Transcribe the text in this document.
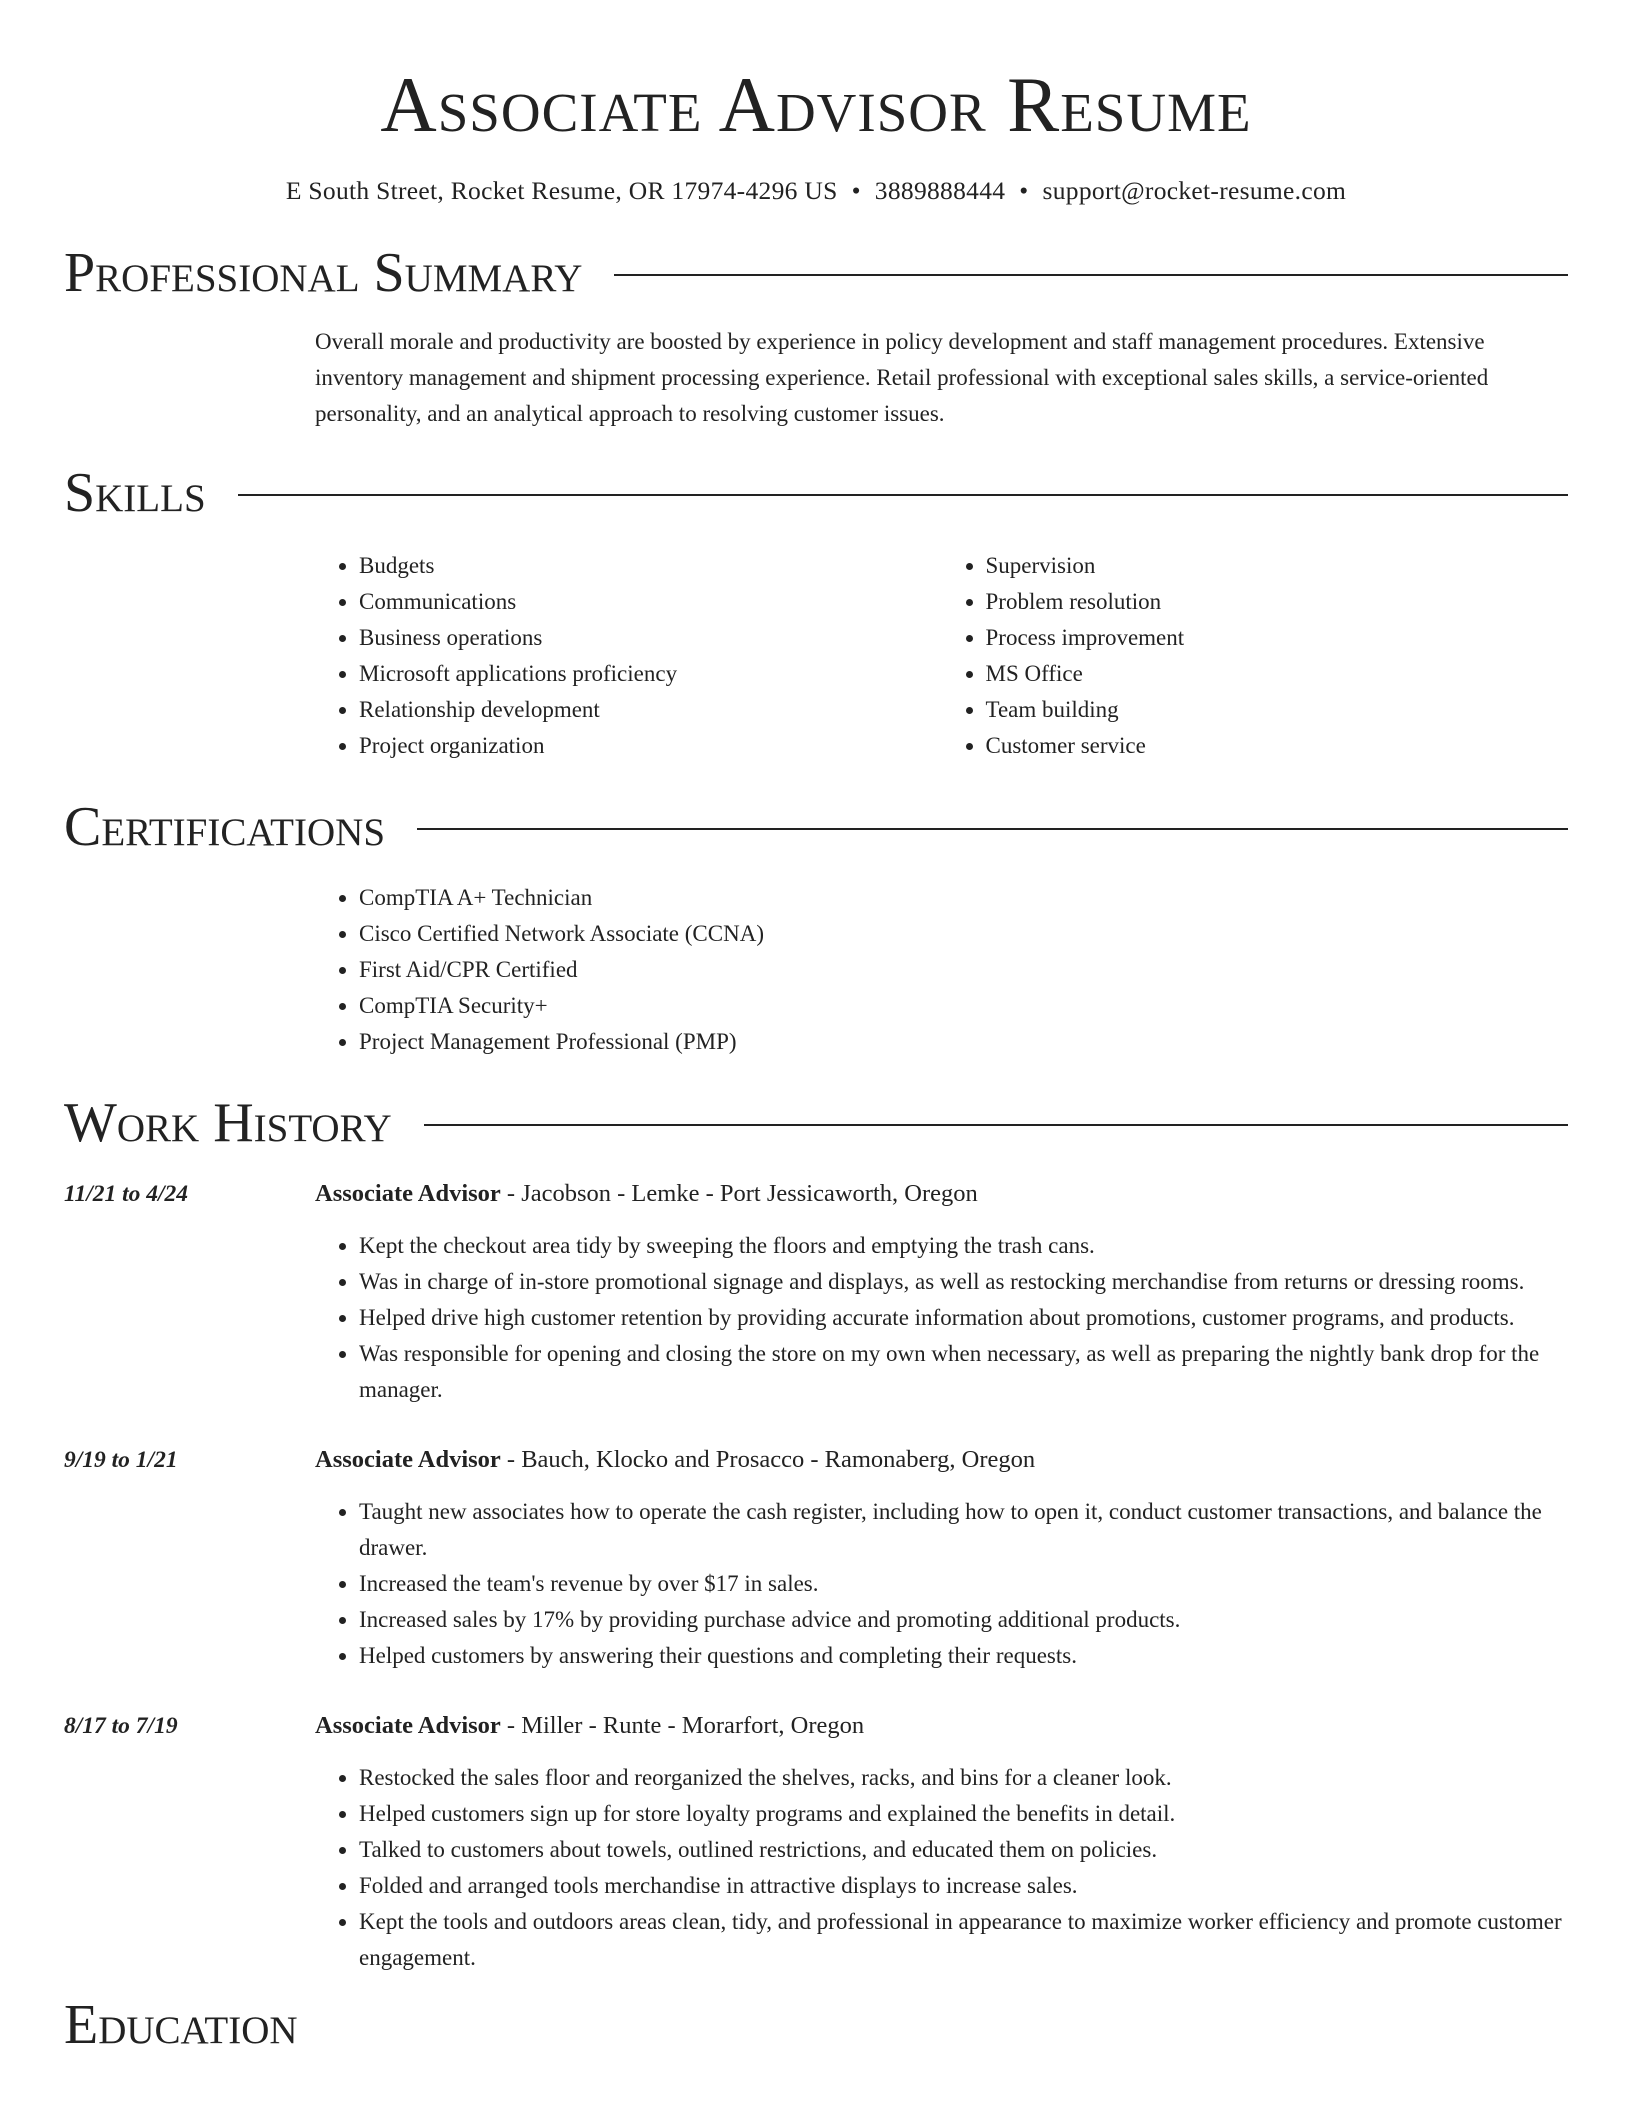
Associate Advisor Resume
E South Street, Rocket Resume, OR 17974-4296 US • 3889888444 • support@rocket-resume.com
Professional Summary

Overall morale and productivity are boosted by experience in policy development and staff management procedures. Extensive inventory management and shipment processing experience. Retail professional with exceptional sales skills, a service-oriented personality, and an analytical approach to resolving customer issues.

Skills
• Budgets
• Communications
• Business operations
• Microsoft applications proficiency
• Relationship development
• Project organization
• Supervision
• Problem resolution
• Process improvement
• MS Office
• Team building
• Customer service
Certifications
• CompTIA A+ Technician
• Cisco Certified Network Associate (CCNA)
• First Aid/CPR Certified
• CompTIA Security+
• Project Management Professional (PMP)
Work History
11/21 to 4/24	Associate Advisor - Jacobson - Lemke - Port Jessicaworth, Oregon
• Kept the checkout area tidy by sweeping the floors and emptying the trash cans.
• Was in charge of in-store promotional signage and displays, as well as restocking merchandise from returns or dressing rooms.
• Helped drive high customer retention by providing accurate information about promotions, customer programs, and products.
• Was responsible for opening and closing the store on my own when necessary, as well as preparing the nightly bank drop for the manager.
9/19 to 1/21	Associate Advisor - Bauch, Klocko and Prosacco - Ramonaberg, Oregon
• Taught new associates how to operate the cash register, including how to open it, conduct customer transactions, and balance the drawer.
• Increased the team's revenue by over $17 in sales.
• Increased sales by 17% by providing purchase advice and promoting additional products.
• Helped customers by answering their questions and completing their requests.
8/17 to 7/19	Associate Advisor - Miller - Runte - Morarfort, Oregon
• Restocked the sales floor and reorganized the shelves, racks, and bins for a cleaner look.
• Helped customers sign up for store loyalty programs and explained the benefits in detail.
• Talked to customers about towels, outlined restrictions, and educated them on policies.
• Folded and arranged tools merchandise in attractive displays to increase sales.
• Kept the tools and outdoors areas clean, tidy, and professional in appearance to maximize worker efficiency and promote customer engagement.
Education
